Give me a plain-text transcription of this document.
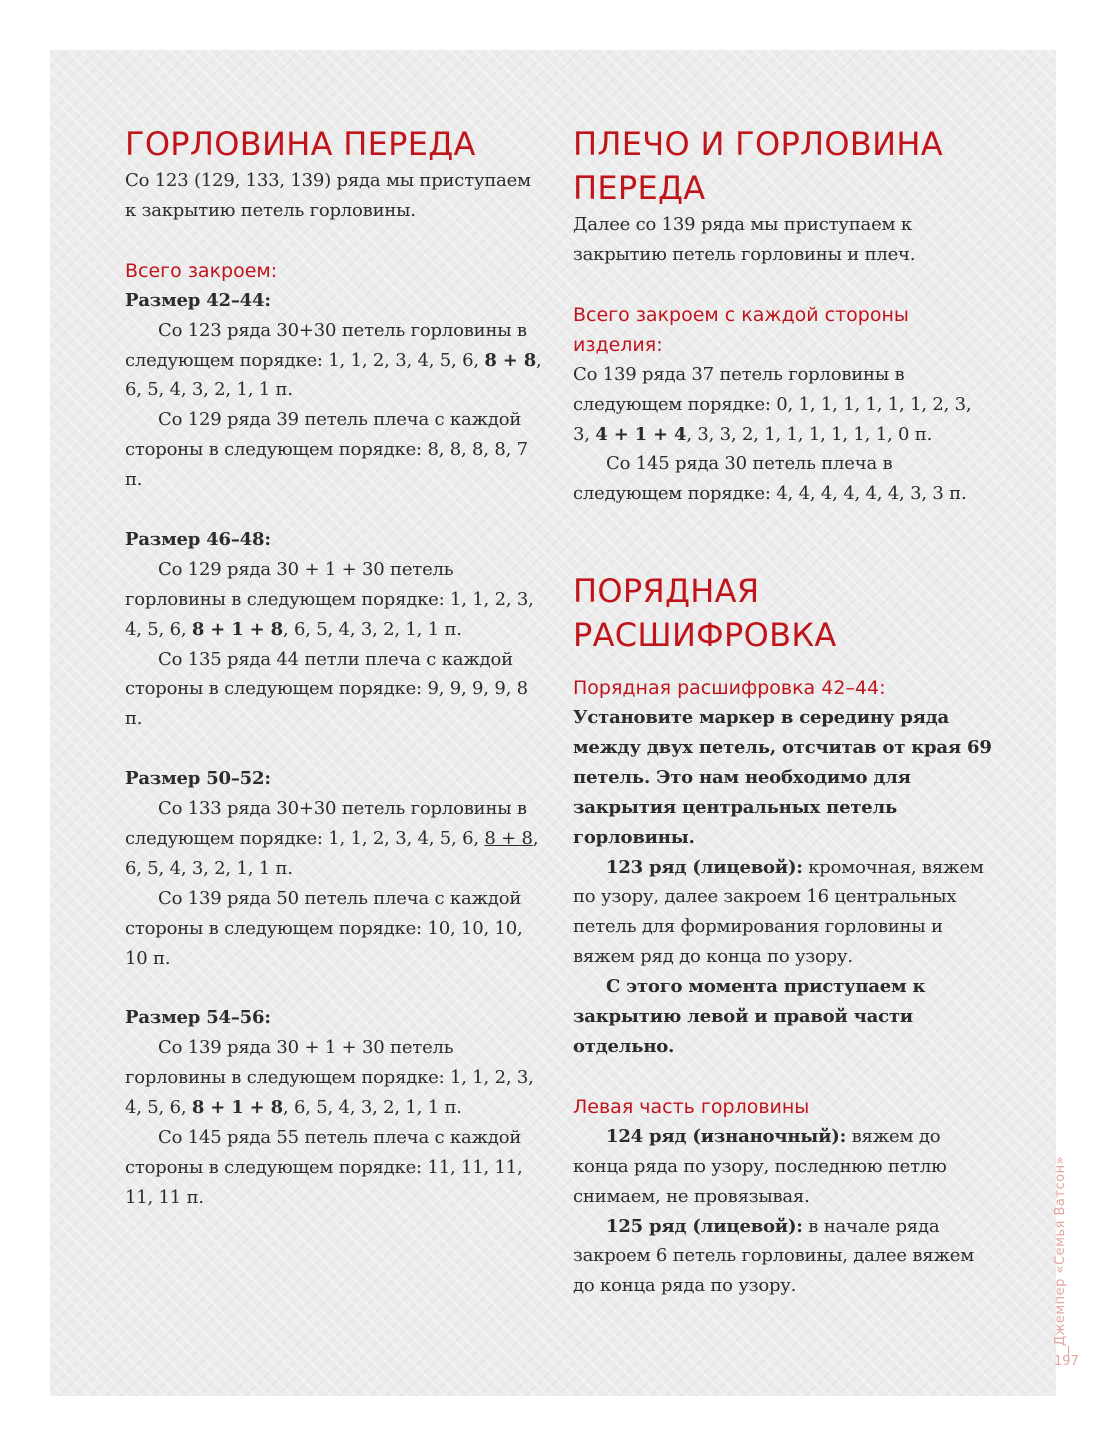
ГОРЛОВИНА ПЕРЕДА

Со 123 (129, 133, 139) ряда мы приступаем к закрытию петель горловины.

Всего закроем:

Размер 42–44:

Со 123 ряда 30+30 петель горловины в следующем порядке: 1, 1, 2, 3, 4, 5, 6, 8 + 8, 6, 5, 4, 3, 2, 1, 1 п.

Со 129 ряда 39 петель плеча с каждой стороны в следующем порядке: 8, 8, 8, 8, 7 п.

Размер 46–48:

Со 129 ряда 30 + 1 + 30 петель горловины в следующем порядке: 1, 1, 2, 3, 4, 5, 6, 8 + 1 + 8, 6, 5, 4, 3, 2, 1, 1 п.

Со 135 ряда 44 петли плеча с каждой стороны в следующем порядке: 9, 9, 9, 9, 8 п.

Размер 50–52:

Со 133 ряда 30+30 петель горловины в следующем порядке: 1, 1, 2, 3, 4, 5, 6, 8 + 8, 6, 5, 4, 3, 2, 1, 1 п.

Со 139 ряда 50 петель плеча с каждой стороны в следующем порядке: 10, 10, 10, 10 п.

Размер 54–56:

Со 139 ряда 30 + 1 + 30 петель горловины в следующем порядке: 1, 1, 2, 3, 4, 5, 6, 8 + 1 + 8, 6, 5, 4, 3, 2, 1, 1 п.

Со 145 ряда 55 петель плеча с каждой стороны в следующем порядке: 11, 11, 11, 11, 11 п.

ПЛЕЧО И ГОРЛОВИНА ПЕРЕДА

Далее со 139 ряда мы приступаем к закрытию петель горловины и плеч.

Всего закроем с каждой стороны изделия:

Со 139 ряда 37 петель горловины в следующем порядке: 0, 1, 1, 1, 1, 1, 1, 2, 3, 3, 4 + 1 + 4, 3, 3, 2, 1, 1, 1, 1, 1, 1, 0 п.

Со 145 ряда 30 петель плеча в следующем порядке: 4, 4, 4, 4, 4, 4, 3, 3 п.

ПОРЯДНАЯ РАСШИФРОВКА
Порядная расшифровка 42–44:

Установите маркер в середину ряда между двух петель, отсчитав от края 69 петель. Это нам необходимо для закрытия центральных петель горловины.

123 ряд (лицевой): кромочная, вяжем по узору, далее закроем 16 центральных петель для формирования горловины и вяжем ряд до конца по узору.

С этого момента приступаем к закрытию левой и правой части отдельно.

Левая часть горловины

124 ряд (изнаночный): вяжем до конца ряда по узору, последнюю петлю снимаем, не провязывая.

125 ряд (лицевой): в начале ряда закроем 6 петель горловины, далее вяжем до конца ряда по узору.	Джемпер «Семья Ватсон»
197
